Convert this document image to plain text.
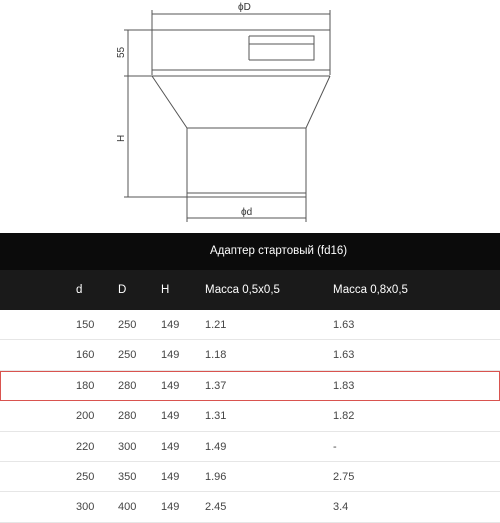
ϕD
ϕd
55
H
Адаптер стартовый (fd16)
d	D	H	Масса 0,5x0,5	Масса 0,8x0,5
150 250 149 1.21	1.63
160 250 149 1.18	1.63
180 280 149 1.37	1.83
200 280 149 1.31	1.82
220 300 149 1.49	-
250 350 149 1.96	2.75
300 400 149 2.45	3.4
